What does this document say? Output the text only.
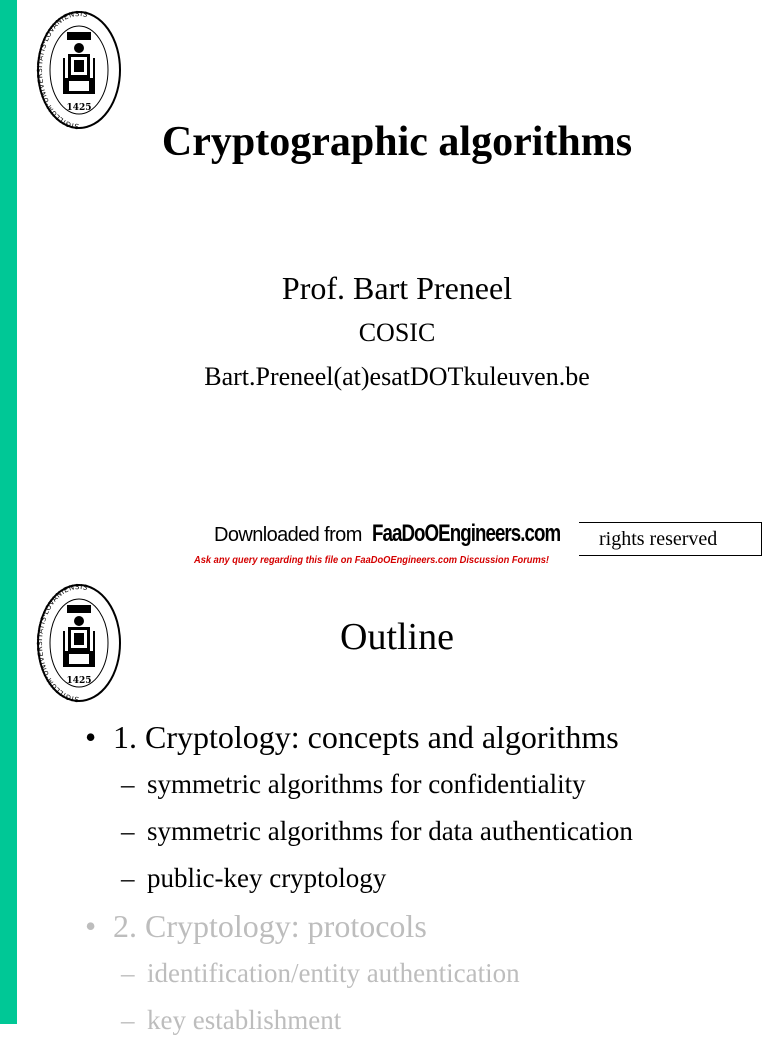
SIGILLUM·UNIVERSITATIS·LOVANIENSIS
1425
Cryptographic algorithms
Prof. Bart Preneel
COSIC
Bart.Preneel(at)esatDOTkuleuven.be
rights reserved
Downloaded from FaaDoOEngineers.com
Ask any query regarding this file on FaaDoOEngineers.com Discussion Forums!
SIGILLUM·UNIVERSITATIS·LOVANIENSIS
1425
Outline
• 1. Cryptology: concepts and algorithms
– symmetric algorithms for confidentiality
– symmetric algorithms for data authentication
– public-key cryptology
• 2. Cryptology: protocols
– identification/entity authentication
– key establishment
